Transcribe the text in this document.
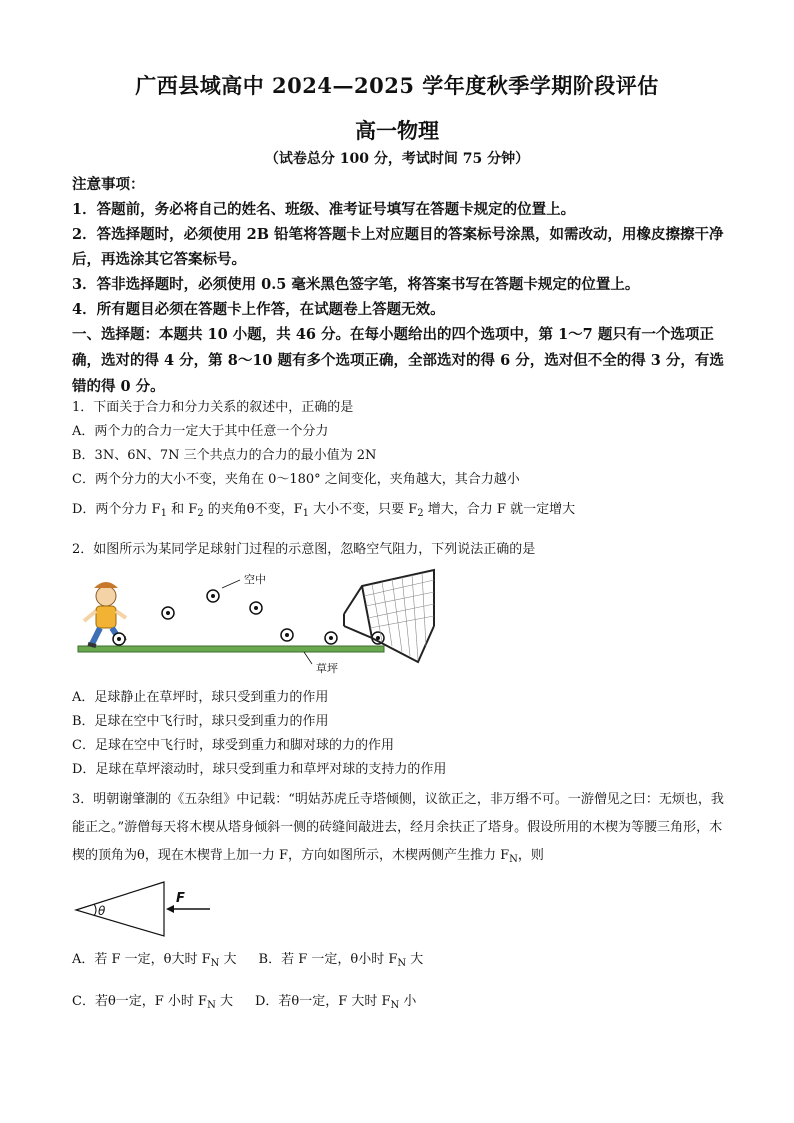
广西县域高中 2024—2025 学年度秋季学期阶段评估
高一物理
（试卷总分 100 分，考试时间 75 分钟）
注意事项：
1．答题前，务必将自己的姓名、班级、准考证号填写在答题卡规定的位置上。
2．答选择题时，必须使用 2B 铅笔将答题卡上对应题目的答案标号涂黑，如需改动，用橡皮擦擦干净后，再选涂其它答案标号。
3．答非选择题时，必须使用 0.5 毫米黑色签字笔，将答案书写在答题卡规定的位置上。
4．所有题目必须在答题卡上作答，在试题卷上答题无效。
一、选择题：本题共 10 小题，共 46 分。在每小题给出的四个选项中，第 1～7 题只有一个选项正确，选对的得 4 分，第 8～10 题有多个选项正确，全部选对的得 6 分，选对但不全的得 3 分，有选错的得 0 分。
1．下面关于合力和分力关系的叙述中，正确的是
A．两个力的合力一定大于其中任意一个分力
B．3N、6N、7N 三个共点力的合力的最小值为 2N
C．两个分力的大小不变，夹角在 0～180° 之间变化，夹角越大，其合力越小
D．两个分力 $F_1$ 和 $F_2$ 的夹角θ不变，$F_1$ 大小不变，只要 $F_2$ 增大，合力 F 就一定增大
2．如图所示为某同学足球射门过程的示意图，忽略空气阻力，下列说法正确的是
空中
草坪
A．足球静止在草坪时，球只受到重力的作用
B．足球在空中飞行时，球只受到重力的作用
C．足球在空中飞行时，球受到重力和脚对球的力的作用
D．足球在草坪滚动时，球只受到重力和草坪对球的支持力的作用
3．明朝谢肇淛的《五杂组》中记载：“明姑苏虎丘寺塔倾侧，议欲正之，非万缗不可。一游僧见之曰：无烦也，我能正之。”游僧每天将木楔从塔身倾斜一侧的砖缝间敲进去，经月余扶正了塔身。假设所用的木楔为等腰三角形，木楔的顶角为θ，现在木楔背上加一力 F，方向如图所示，木楔两侧产生推力 $F_N$，则
θ
F
A．若 F 一定，θ大时 $F_N$ 大 B．若 F 一定，θ小时 $F_N$ 大
C．若θ一定，F 小时 $F_N$ 大 D．若θ一定，F 大时 $F_N$ 小
